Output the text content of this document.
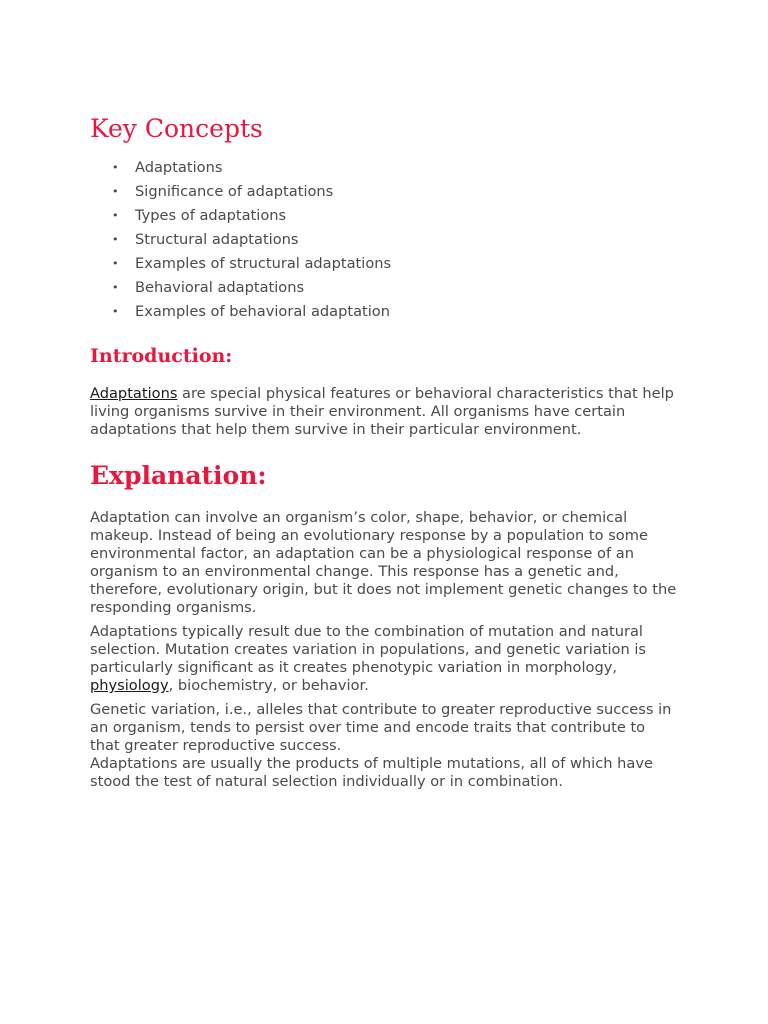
Key Concepts
• Adaptations
• Significance of adaptations
• Types of adaptations
• Structural adaptations
• Examples of structural adaptations
• Behavioral adaptations
• Examples of behavioral adaptation
Introduction:

Adaptations are special physical features or behavioral characteristics that help living organisms survive in their environment. All organisms have certain adaptations that help them survive in their particular environment.

Explanation:

Adaptation can involve an organism’s color, shape, behavior, or chemical makeup. Instead of being an evolutionary response by a population to some environmental factor, an adaptation can be a physiological response of an organism to an environmental change. This response has a genetic and, therefore, evolutionary origin, but it does not implement genetic changes to the responding organisms.

Adaptations typically result due to the combination of mutation and natural selection. Mutation creates variation in populations, and genetic variation is particularly significant as it creates phenotypic variation in morphology, physiology, biochemistry, or behavior.

Genetic variation, i.e., alleles that contribute to greater reproductive success in an organism, tends to persist over time and encode traits that contribute to that greater reproductive success.

Adaptations are usually the products of multiple mutations, all of which have stood the test of natural selection individually or in combination.
